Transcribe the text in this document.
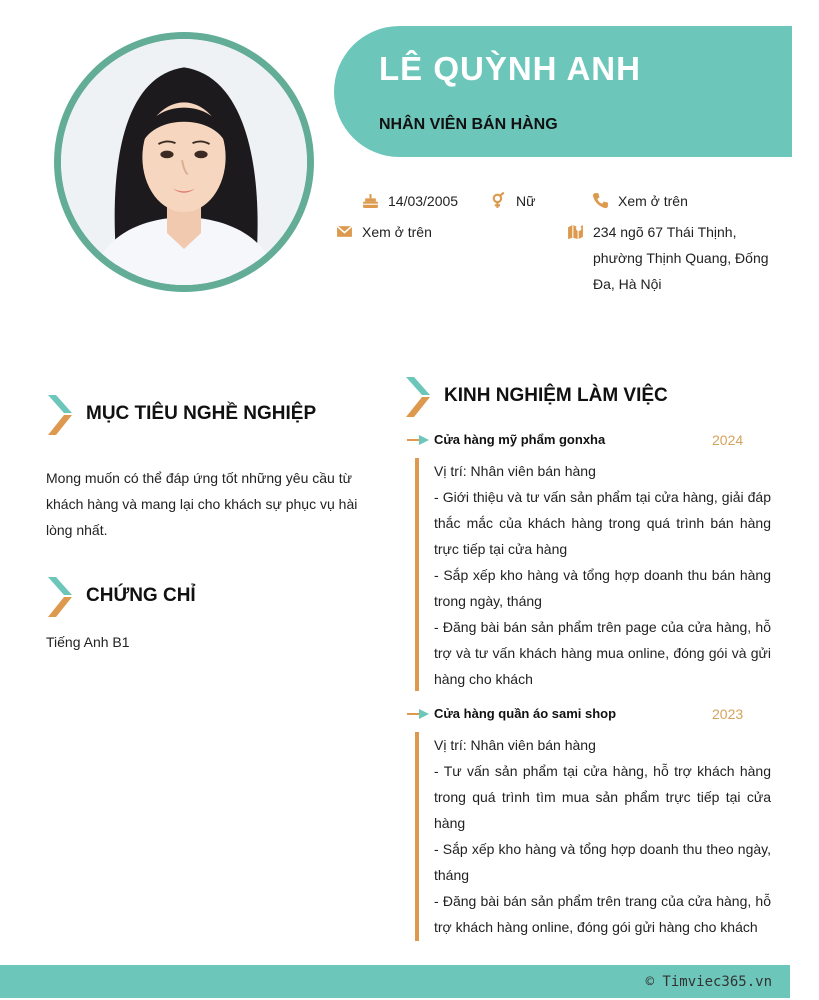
LÊ QUỲNH ANH
NHÂN VIÊN BÁN HÀNG
14/03/2005	Nữ	Xem ở trên
Xem ở trên	234 ngõ 67 Thái Thịnh, phường Thịnh Quang, Đống Đa, Hà Nội
MỤC TIÊU NGHỀ NGHIỆP
Mong muốn có thể đáp ứng tốt những yêu cầu từ khách hàng và mang lại cho khách sự phục vụ hài lòng nhất.
CHỨNG CHỈ
Tiếng Anh B1
KINH NGHIỆM LÀM VIỆC
Cửa hàng mỹ phẩm gonxha	2024
Vị trí: Nhân viên bán hàng
- Giới thiệu và tư vấn sản phẩm tại cửa hàng, giải đáp thắc mắc của khách hàng trong quá trình bán hàng trực tiếp tại cửa hàng
- Sắp xếp kho hàng và tổng hợp doanh thu bán hàng trong ngày, tháng
- Đăng bài bán sản phẩm trên page của cửa hàng, hỗ trợ và tư vấn khách hàng mua online, đóng gói và gửi hàng cho khách
Cửa hàng quần áo sami shop	2023
Vị trí: Nhân viên bán hàng
- Tư vấn sản phẩm tại cửa hàng, hỗ trợ khách hàng trong quá trình tìm mua sản phẩm trực tiếp tại cửa hàng
- Sắp xếp kho hàng và tổng hợp doanh thu theo ngày, tháng
- Đăng bài bán sản phẩm trên trang của cửa hàng, hỗ trợ khách hàng online, đóng gói gửi hàng cho khách
© Timviec365.vn
